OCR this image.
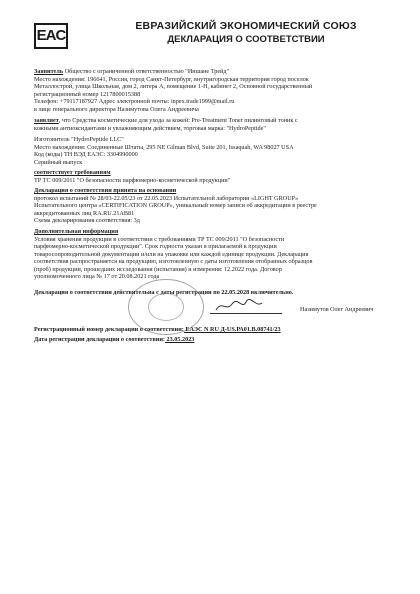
EAC
ЕВРАЗИЙСКИЙ ЭКОНОМИЧЕСКИЙ СОЮЗ
ДЕКЛАРАЦИЯ О СООТВЕТСТВИИ
Заявитель Общество с ограниченной ответственностью "Иншане Трейд"
Место нахождения: 196641, Россия, город Санкт-Петербург, внутригородская территория город поселок
Металлострой, улица Школьная, дом 2, литера А, помещение 1-Н, кабинет 2, Основной государственный
регистрационный номер 1217800015388
Телефон: +79117187927 Адрес электронной почты: inpex.trade1999@mail.ru
в лице генерального директора Назимутова Олега Андреевича
заявляет, что Средства косметические для ухода за кожей: Pre-Treatment Toner пилинговый тоник с
кожными антиоксидантами и увлажняющим действием, торговая марка: "HydroPeptide"
Изготовитель "HydroPeptide LLC"
Место нахождения: Соединенные Штаты, 295 NE Gilman Blvd, Suite 201, Issaquah, WA 98027 USA
Код (коды) ТН ВЭД ЕАЭС: 3304990000
Серийный выпуск
соответствует требованиям
ТР ТС 009/2011 "О безопасности парфюмерно-косметической продукции"
Декларация о соответствии принята на основании
протокол испытаний № 28/03-22.05/23 от 22.05.2023 Испытательной лаборатории «LIGHT GROUP»
Испытательного центра «CERTIFICATION GROUP», уникальный номер записи об аккредитации в реестре
аккредитованных лиц RA.RU.21AB81
Схема декларирования соответствия: 3д
Дополнительная информация
Условия хранения продукции в соответствии с требованиями ТР ТС 009/2011 "О безопасности
парфюмерно-косметической продукции". Срок годности указан в прилагаемой к продукции
товаросопроводительной документации и/или на упаковке или каждой единице продукции. Декларация
соответствия распространяется на продукцию, изготовленную с даты изготовления отобранных образцов
(проб) продукции, прошедших исследования (испытания) и измерения: 12.2022 года. Договор
уполномоченного лица № 17 от 20.08.2021 года
Декларация о соответствии действительна с даты регистрации по 22.05.2028 включительно.
Назимутов Олег Андреевич
Регистрационный номер декларации о соответствии: ЕАЭС N RU Д-US.РА01.В.08741/23
Дата регистрации декларации о соответствии: 23.05.2023
